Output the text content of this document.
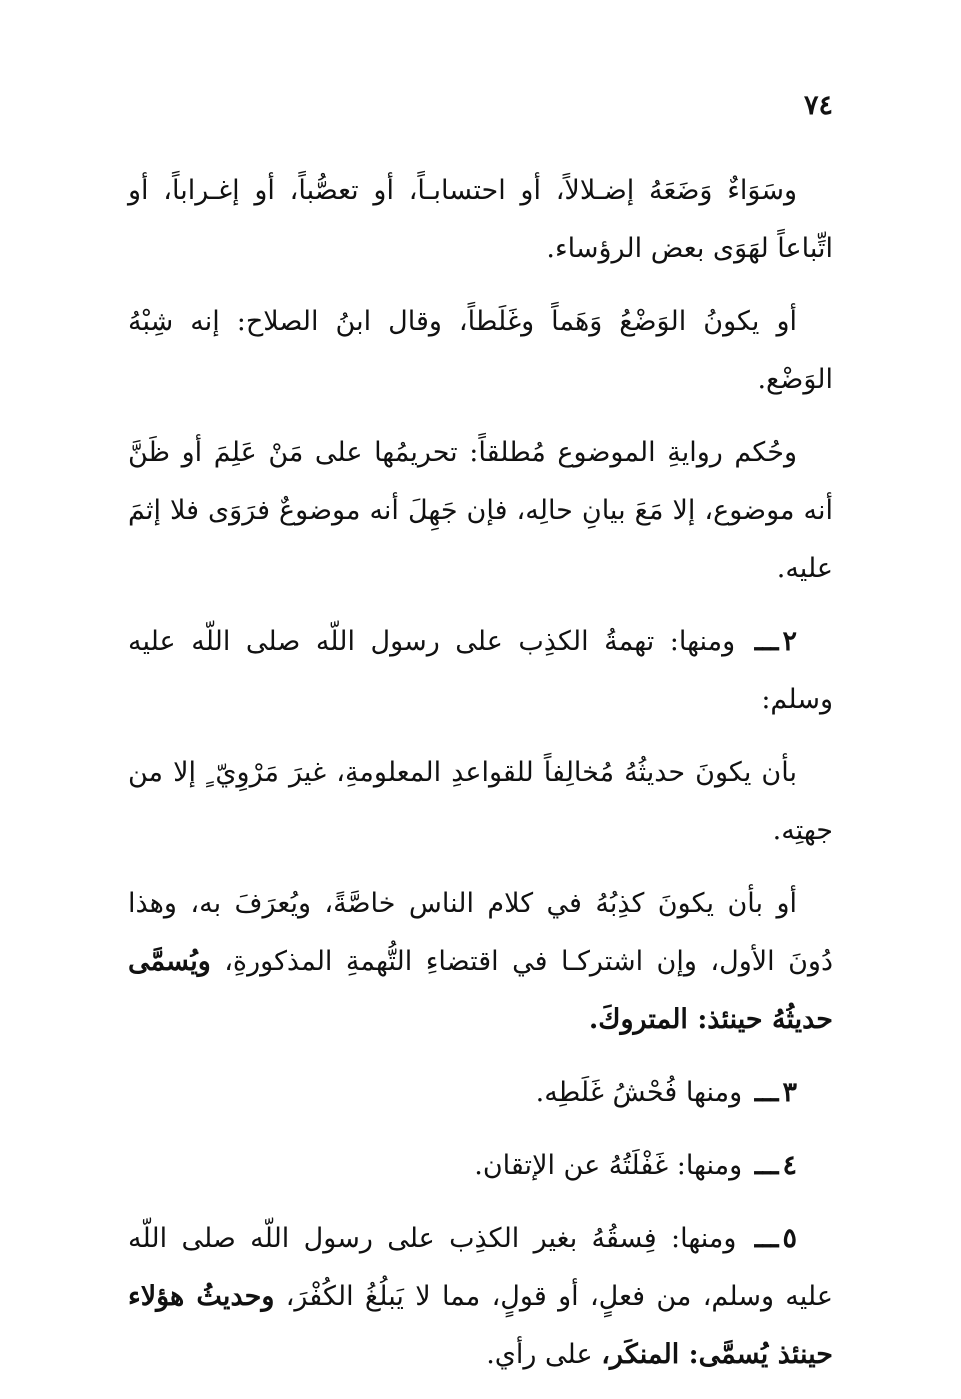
٧٤

وسَوَاءٌ وَضَعَهُ إضـلالاً، أو احتسابـاً، أو تعصُّباً، أو إغـراباً، أو اتِّباعاً لهَوَى بعض الرؤساء.

أو يكونُ الوَضْعُ وَهَماً وغَلَطاً، وقال ابنُ الصلاح: إنه شِبْهُ الوَضْع.

وحُكم روايةِ الموضوع مُطلقاً: تحريمُها على مَنْ عَلِمَ أو ظَنَّ أنه موضوع، إلا مَعَ بيانِ حالِه، فإن جَهِلَ أنه موضوعٌ فرَوَى فلا إثمَ عليه.

٢ـــ ومنها: تهمةُ الكذِب على رسول اللّه صلى اللّه عليه وسلم:

بأن يكونَ حديثُهُ مُخالِفاً للقواعدِ المعلومةِ، غيرَ مَرْوِيّ ٍ إلا من جهتِه.

أو بأن يكونَ كذِبُهُ في كلام الناس خاصَّةً، ويُعرَفَ به، وهذا دُونَ الأول، وإن اشتركـا في اقتضاءِ التُّهمةِ المذكورةِ، ويُسمَّى حديثُهُ حينئذ: المتروكَ.

٣ـــ ومنها فُحْشُ غَلَطِه.

٤ـــ ومنها: غَفْلَتُهُ عن الإتقان.

٥ـــ ومنها: فِسقُهُ بغير الكذِب على رسول اللّه صلى اللّه عليه وسلم، من فعلٍ، أو قولٍ، مما لا يَبلُغُ الكُفْرَ، وحديثُ هؤلاء حينئذ يُسمَّى: المنكَر، على رأي.
